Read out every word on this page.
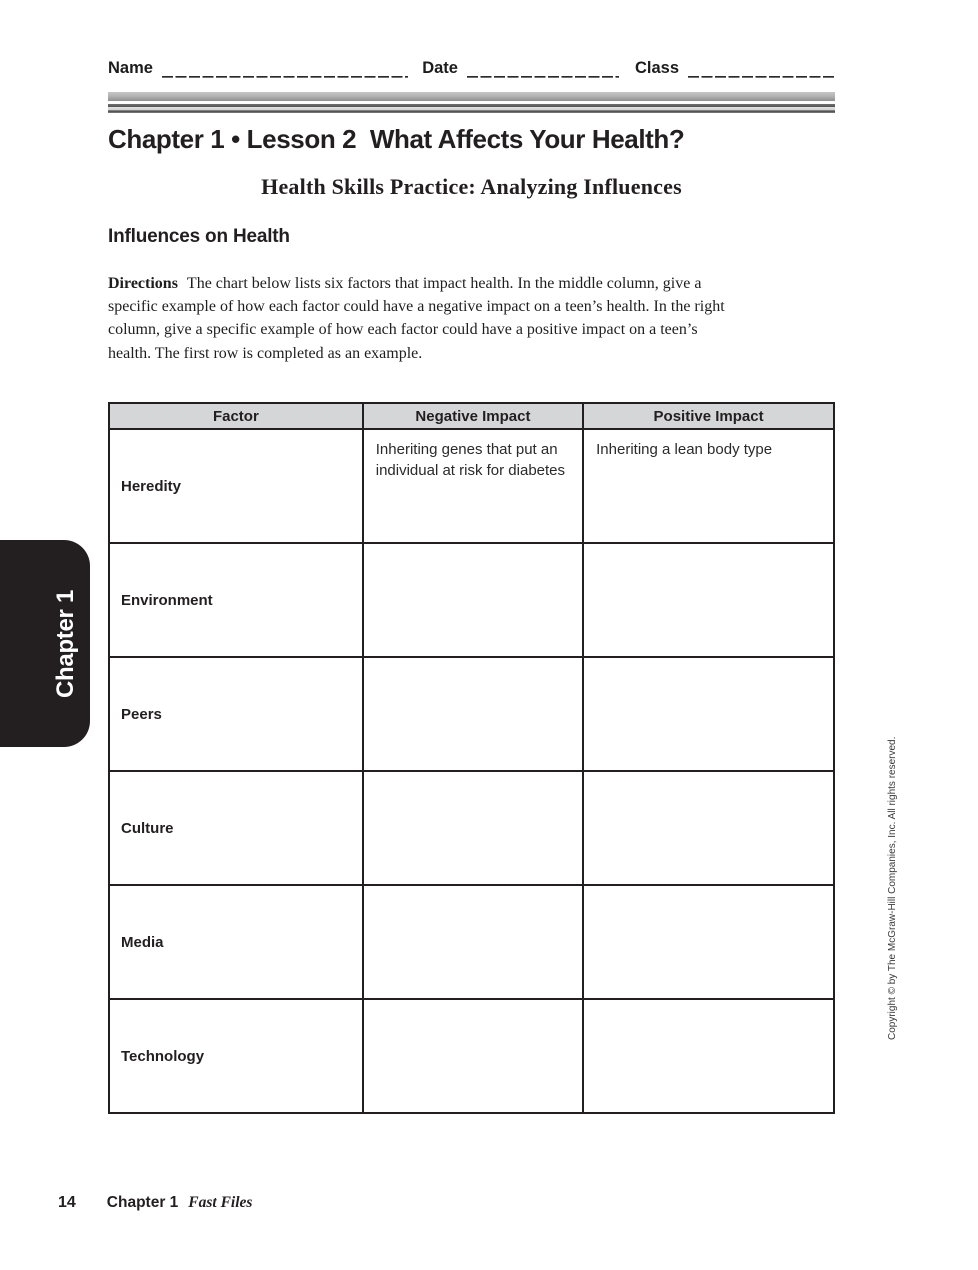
Name	Date	Class
Chapter 1 • Lesson 2  What Affects Your Health?
Health Skills Practice: Analyzing Influences
Influences on Health

Directions The chart below lists six factors that impact health. In the middle column, give a specific example of how each factor could have a negative impact on a teen’s health. In the right column, give a specific example of how each factor could have a positive impact on a teen’s health. The first row is completed as an example.

Factor	Negative Impact	Positive Impact
Heredity	Inheriting genes that put an individual at risk for diabetes	Inheriting a lean body type
Environment		
Peers		
Culture		
Media		
Technology		
Chapter 1
Copyright © by The McGraw-Hill Companies, Inc. All rights reserved.
14 Chapter 1 Fast Files
